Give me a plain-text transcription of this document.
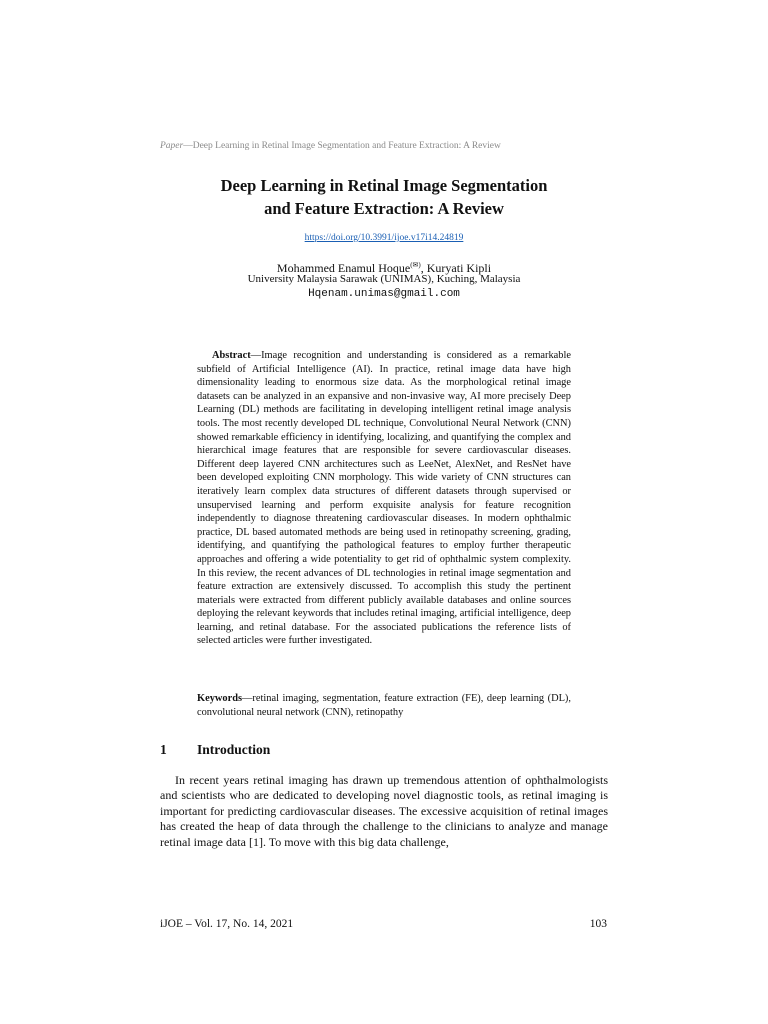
Paper—Deep Learning in Retinal Image Segmentation and Feature Extraction: A Review
Deep Learning in Retinal Image Segmentation
and Feature Extraction: A Review
https://doi.org/10.3991/ijoe.v17i14.24819
Mohammed Enamul Hoque(✉), Kuryati Kipli
University Malaysia Sarawak (UNIMAS), Kuching, Malaysia
Hqenam.unimas@gmail.com

Abstract—Image recognition and understanding is considered as a remarkable subfield of Artificial Intelligence (AI). In practice, retinal image data have high dimensionality leading to enormous size data. As the morphological retinal image datasets can be analyzed in an expansive and non-invasive way, AI more precisely Deep Learning (DL) methods are facilitating in developing intelligent retinal image analysis tools. The most recently developed DL technique, Convolutional Neural Network (CNN) showed remarkable efficiency in identifying, localizing, and quantifying the complex and hierarchical image features that are responsible for severe cardiovascular diseases. Different deep layered CNN architectures such as LeeNet, AlexNet, and ResNet have been developed exploiting CNN morphology. This wide variety of CNN structures can iteratively learn complex data structures of different datasets through supervised or unsupervised learning and perform exquisite analysis for feature recognition independently to diagnose threatening cardiovascular diseases. In modern ophthalmic practice, DL based automated methods are being used in retinopathy screening, grading, identifying, and quantifying the pathological features to employ further therapeutic approaches and offering a wide potentiality to get rid of ophthalmic system complexity. In this review, the recent advances of DL technologies in retinal image segmentation and feature extraction are extensively discussed. To accomplish this study the pertinent materials were extracted from different publicly available databases and online sources deploying the relevant keywords that includes retinal imaging, artificial intelligence, deep learning, and retinal database. For the associated publications the reference lists of selected articles were further investigated.

Keywords—retinal imaging, segmentation, feature extraction (FE), deep learning (DL), convolutional neural network (CNN), retinopathy

1 Introduction

In recent years retinal imaging has drawn up tremendous attention of ophthalmologists and scientists who are dedicated to developing novel diagnostic tools, as retinal imaging is important for predicting cardiovascular diseases. The excessive acquisition of retinal images has created the heap of data through the challenge to the clinicians to analyze and manage retinal image data [1]. To move with this big data challenge,

iJOE – Vol. 17, No. 14, 2021	103
